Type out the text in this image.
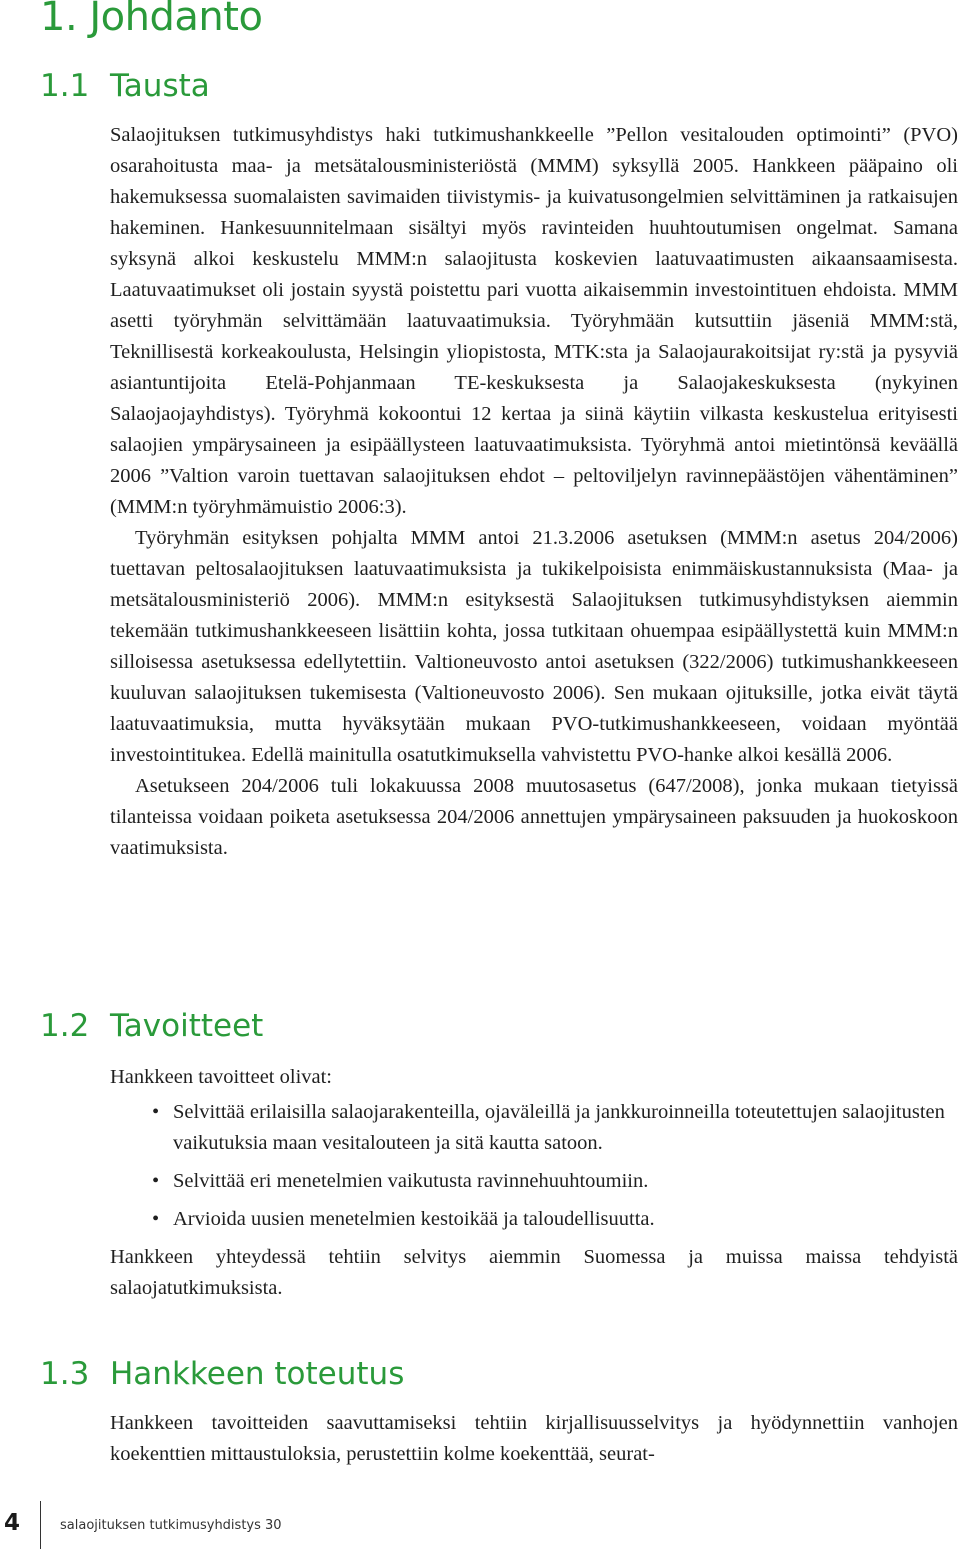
1. Johdanto
1.1 Tausta

Salaojituksen tutkimusyhdistys haki tutkimushankkeelle ”Pellon vesitalouden optimointi” (PVO) osarahoitusta maa- ja metsätalousministeriöstä (MMM) syksyllä 2005. Hankkeen pääpaino oli hakemuksessa suomalaisten savimaiden tiivistymis- ja kuivatusongelmien selvittäminen ja ratkaisujen hakeminen. Hankesuunnitelmaan sisältyi myös ravinteiden huuhtoutumisen ongelmat. Samana syksynä alkoi keskustelu MMM:n salaojitusta koskevien laatuvaatimusten aikaansaamisesta. Laatuvaatimukset oli jostain syystä poistettu pari vuotta aikaisemmin investointituen ehdoista. MMM asetti työryhmän selvittämään laatuvaatimuksia. Työryhmään kutsuttiin jäseniä MMM:stä, Teknillisestä korkeakoulusta, Helsingin yliopistosta, MTK:sta ja Salaojaurakoitsijat ry:stä ja pysyviä asiantuntijoita Etelä-Pohjanmaan TE-keskuksesta ja Salaojakeskuksesta (nykyinen Salaojaojayhdistys). Työryhmä kokoontui 12 kertaa ja siinä käytiin vilkasta keskustelua erityisesti salaojien ympärysaineen ja esipäällysteen laatuvaatimuksista. Työryhmä antoi mietintönsä keväällä 2006 ”Valtion varoin tuettavan salaojituksen ehdot – peltoviljelyn ravinnepäästöjen vähentäminen” (MMM:n työryhmämuistio 2006:3).

Työryhmän esityksen pohjalta MMM antoi 21.3.2006 asetuksen (MMM:n asetus 204/2006) tuettavan peltosalaojituksen laatuvaatimuksista ja tukikelpoisista enimmäiskustannuksista (Maa- ja metsätalousministeriö 2006). MMM:n esityksestä Salaojituksen tutkimusyhdistyksen aiemmin tekemään tutkimushankkeeseen lisättiin kohta, jossa tutkitaan ohuempaa esipäällystettä kuin MMM:n silloisessa asetuksessa edellytettiin. Valtioneuvosto antoi asetuksen (322/2006) tutkimushankkeeseen kuuluvan salaojituksen tukemisesta (Valtioneuvosto 2006). Sen mukaan ojituksille, jotka eivät täytä laatuvaatimuksia, mutta hyväksytään mukaan PVO-tutkimushankkeeseen, voidaan myöntää investointitukea. Edellä mainitulla osatutkimuksella vahvistettu PVO-hanke alkoi kesällä 2006.

Asetukseen 204/2006 tuli lokakuussa 2008 muutosasetus (647/2008), jonka mukaan tietyissä tilanteissa voidaan poiketa asetuksessa 204/2006 annettujen ympärysaineen paksuuden ja huokoskoon vaatimuksista.

1.2 Tavoitteet

Hankkeen tavoitteet olivat:

• Selvittää erilaisilla salaojarakenteilla, ojaväleillä ja jankkuroinneilla toteutettujen salaojitusten vaikutuksia maan vesitalouteen ja sitä kautta satoon.
• Selvittää eri menetelmien vaikutusta ravinnehuuhtoumiin.
• Arvioida uusien menetelmien kestoikää ja taloudellisuutta.

Hankkeen yhteydessä tehtiin selvitys aiemmin Suomessa ja muissa maissa tehdyistä salaojatutkimuksista.

1.3 Hankkeen toteutus

Hankkeen tavoitteiden saavuttamiseksi tehtiin kirjallisuusselvitys ja hyödynnettiin vanhojen koekenttien mittaustuloksia, perustettiin kolme koekenttää, seurat-

4	salaojituksen tutkimusyhdistys 30
